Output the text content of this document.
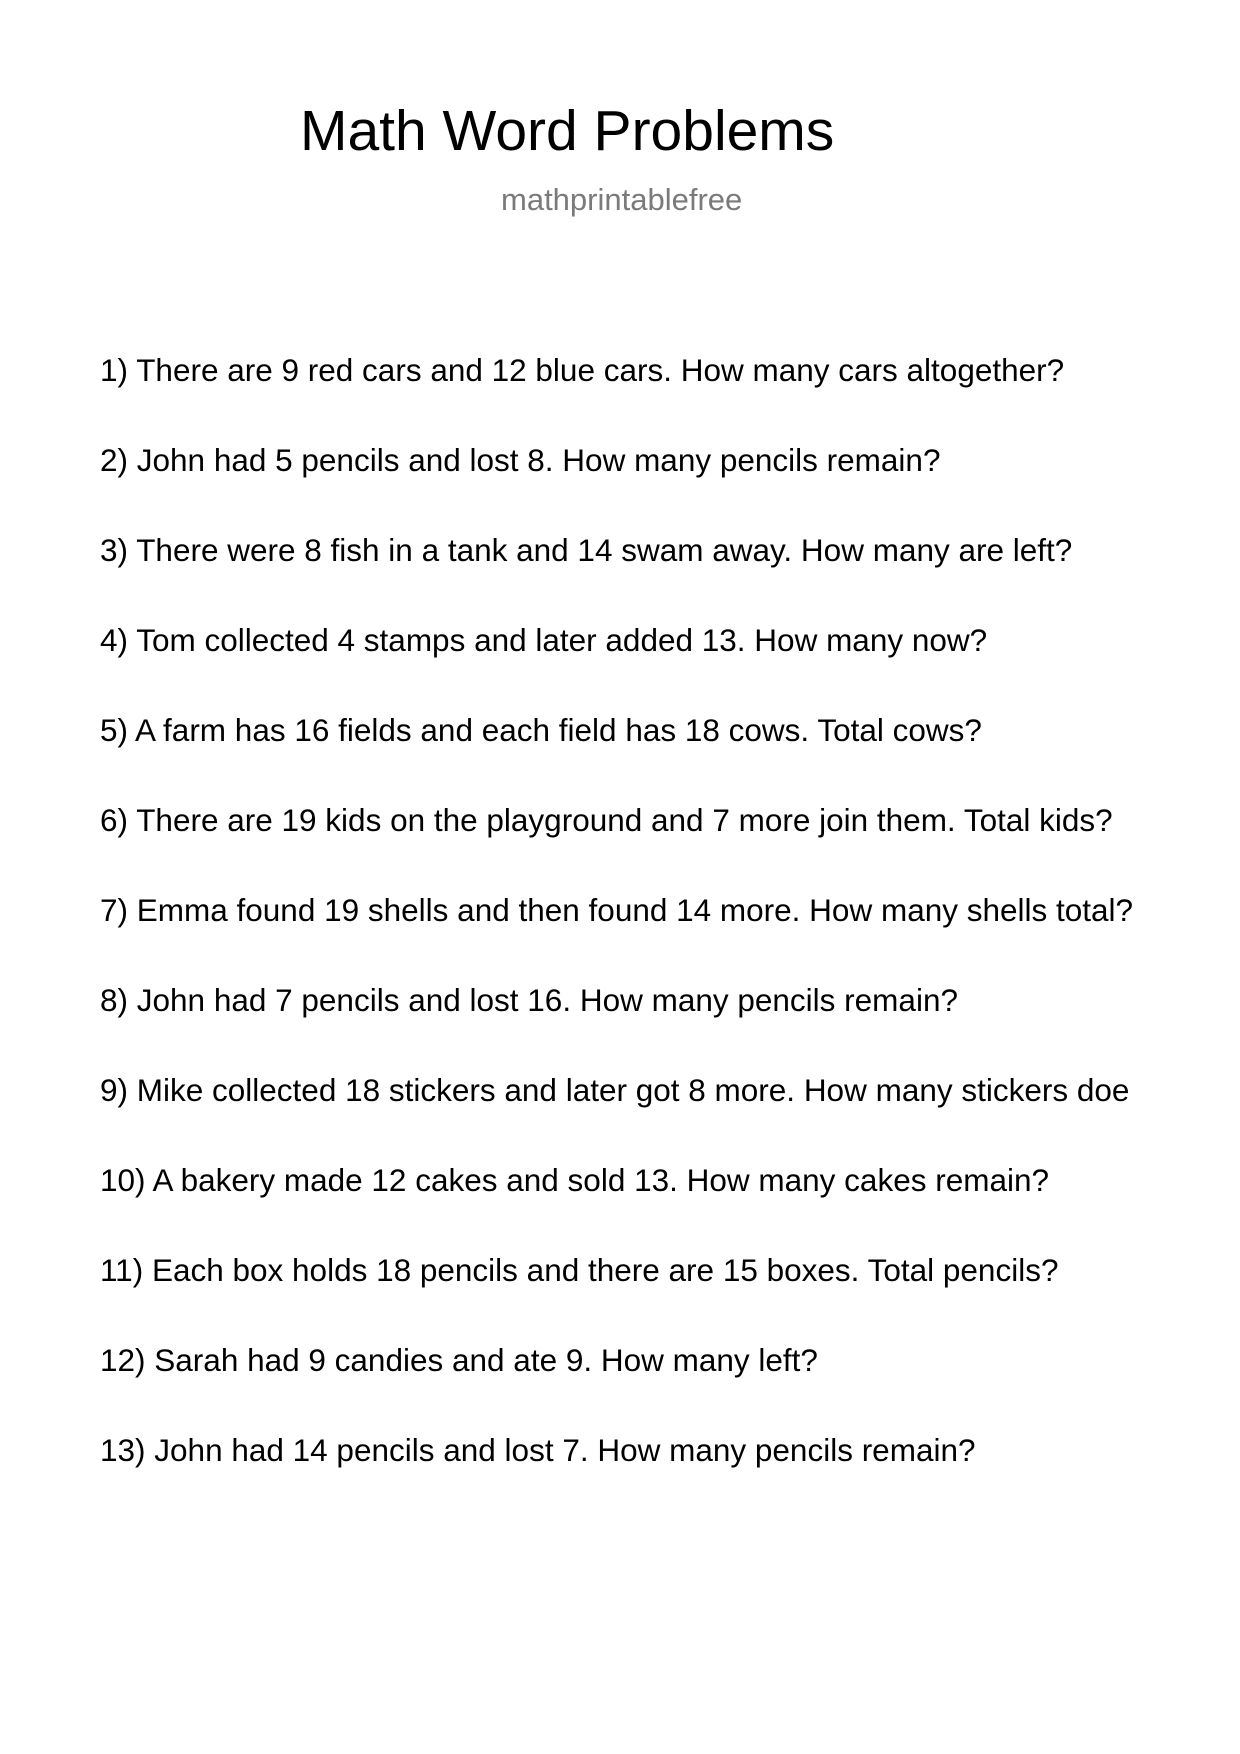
Math Word Problems
mathprintablefree
1) There are 9 red cars and 12 blue cars. How many cars altogether?
2) John had 5 pencils and lost 8. How many pencils remain?
3) There were 8 fish in a tank and 14 swam away. How many are left?
4) Tom collected 4 stamps and later added 13. How many now?
5) A farm has 16 fields and each field has 18 cows. Total cows?
6) There are 19 kids on the playground and 7 more join them. Total kids?
7) Emma found 19 shells and then found 14 more. How many shells total?
8) John had 7 pencils and lost 16. How many pencils remain?
9) Mike collected 18 stickers and later got 8 more. How many stickers doe
10) A bakery made 12 cakes and sold 13. How many cakes remain?
11) Each box holds 18 pencils and there are 15 boxes. Total pencils?
12) Sarah had 9 candies and ate 9. How many left?
13) John had 14 pencils and lost 7. How many pencils remain?
